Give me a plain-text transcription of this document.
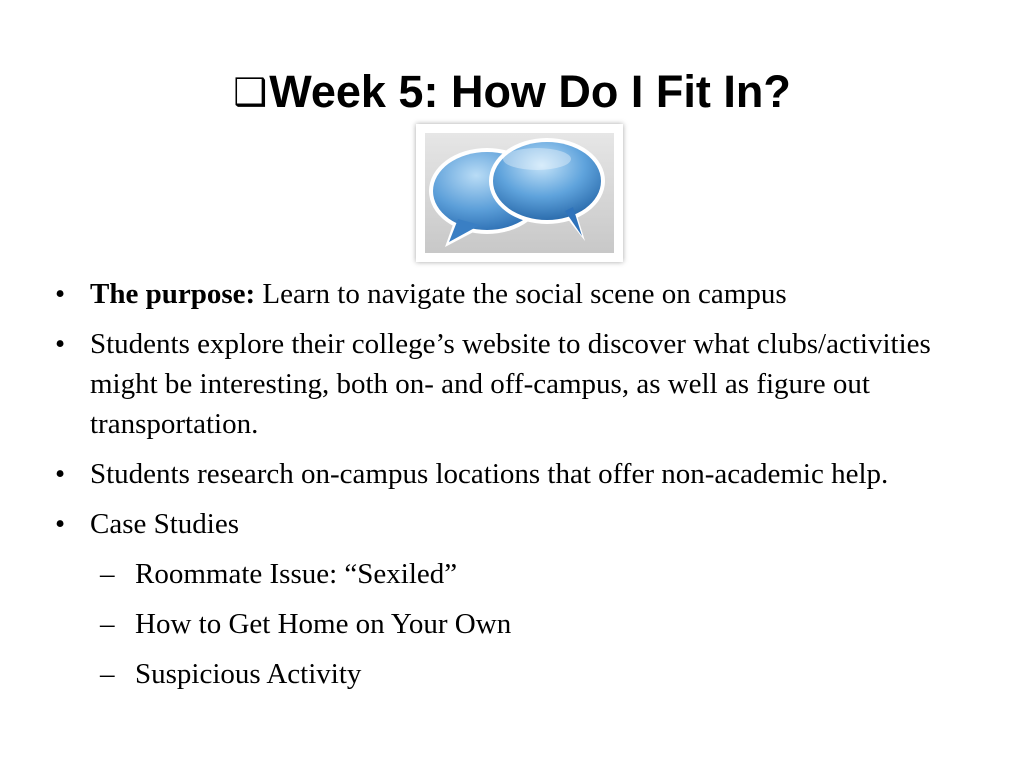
❑Week 5: How Do I Fit In?
• The purpose: Learn to navigate the social scene on campus
• Students explore their college’s website to discover what clubs/activities might be interesting, both on- and off-campus, as well as figure out transportation.
• Students research on-campus locations that offer non-academic help.
• Case Studies
– Roommate Issue: “Sexiled”
– How to Get Home on Your Own
– Suspicious Activity
